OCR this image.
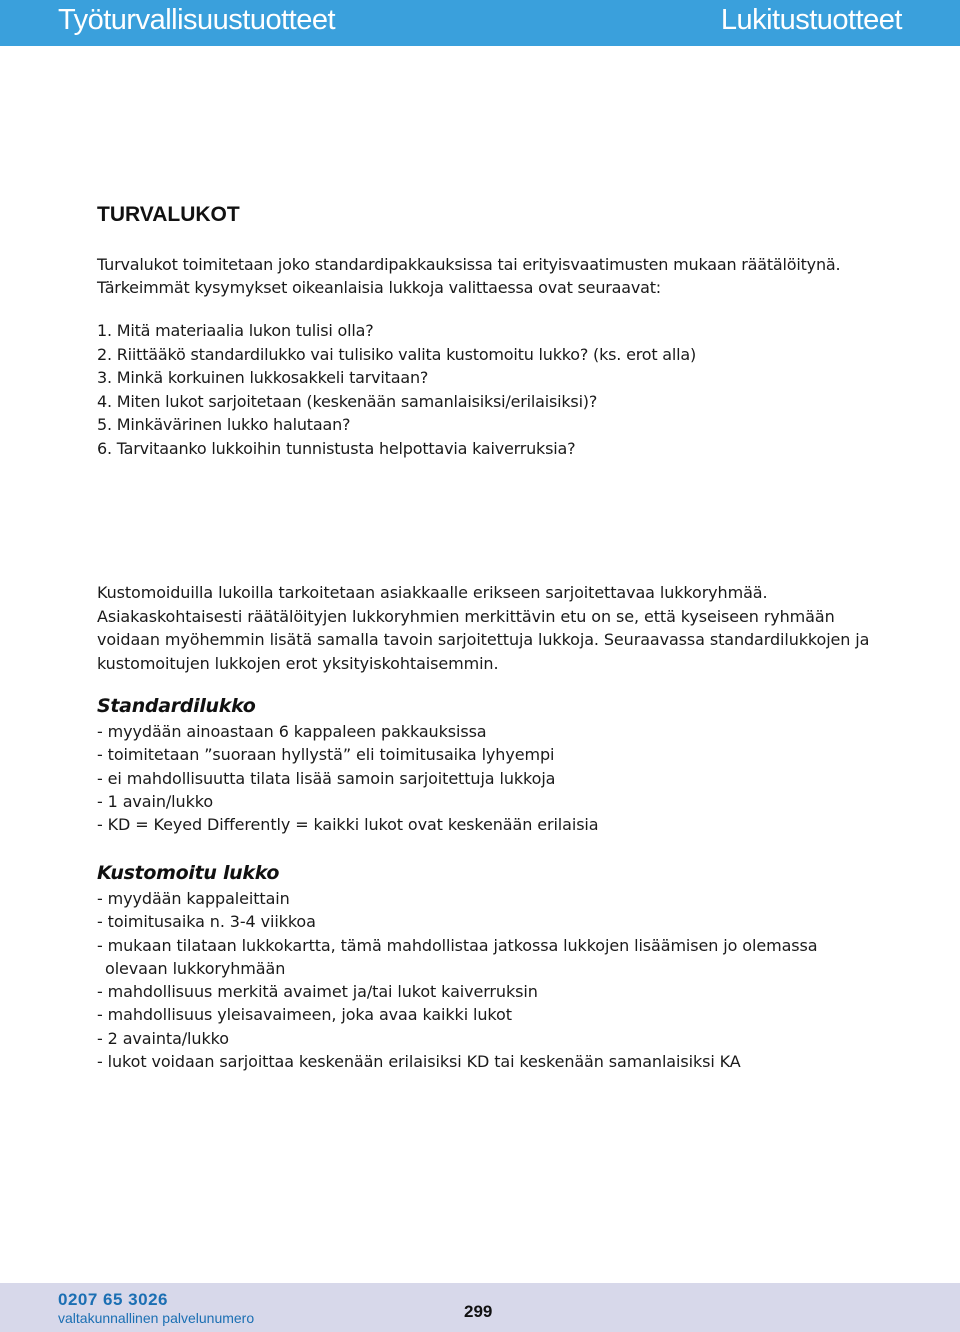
Työturvallisuustuotteet	Lukitustuotteet
TURVALUKOT

Turvalukot toimitetaan joko standardipakkauksissa tai erityisvaatimusten mukaan räätälöitynä. Tärkeimmät kysymykset oikeanlaisia lukkoja valittaessa ovat seuraavat:

1. Mitä materiaalia lukon tulisi olla?
2. Riittääkö standardilukko vai tulisiko valita kustomoitu lukko? (ks. erot alla)
3. Minkä korkuinen lukkosakkeli tarvitaan?
4. Miten lukot sarjoitetaan (keskenään samanlaisiksi/erilaisiksi)?
5. Minkävärinen lukko halutaan?
6. Tarvitaanko lukkoihin tunnistusta helpottavia kaiverruksia?

Kustomoiduilla lukoilla tarkoitetaan asiakkaalle erikseen sarjoitettavaa lukkoryhmää. Asiakaskohtaisesti räätälöityjen lukkoryhmien merkittävin etu on se, että kyseiseen ryhmään voidaan myöhemmin lisätä samalla tavoin sarjoitettuja lukkoja. Seuraavassa standardilukkojen ja kustomoitujen lukkojen erot yksityiskohtaisemmin.

Standardilukko
- myydään ainoastaan 6 kappaleen pakkauksissa
- toimitetaan ”suoraan hyllystä” eli toimitusaika lyhyempi
- ei mahdollisuutta tilata lisää samoin sarjoitettuja lukkoja
- 1 avain/lukko
- KD = Keyed Differently = kaikki lukot ovat keskenään erilaisia
Kustomoitu lukko
- myydään kappaleittain
- toimitusaika n. 3-4 viikkoa
- mukaan tilataan lukkokartta, tämä mahdollistaa jatkossa lukkojen lisäämisen jo olemassa
olevaan lukkoryhmään
- mahdollisuus merkitä avaimet ja/tai lukot kaiverruksin
- mahdollisuus yleisavaimeen, joka avaa kaikki lukot
- 2 avainta/lukko
- lukot voidaan sarjoittaa keskenään erilaisiksi KD tai keskenään samanlaisiksi KA
0207 65 3026
valtakunnallinen palvelunumero	299
